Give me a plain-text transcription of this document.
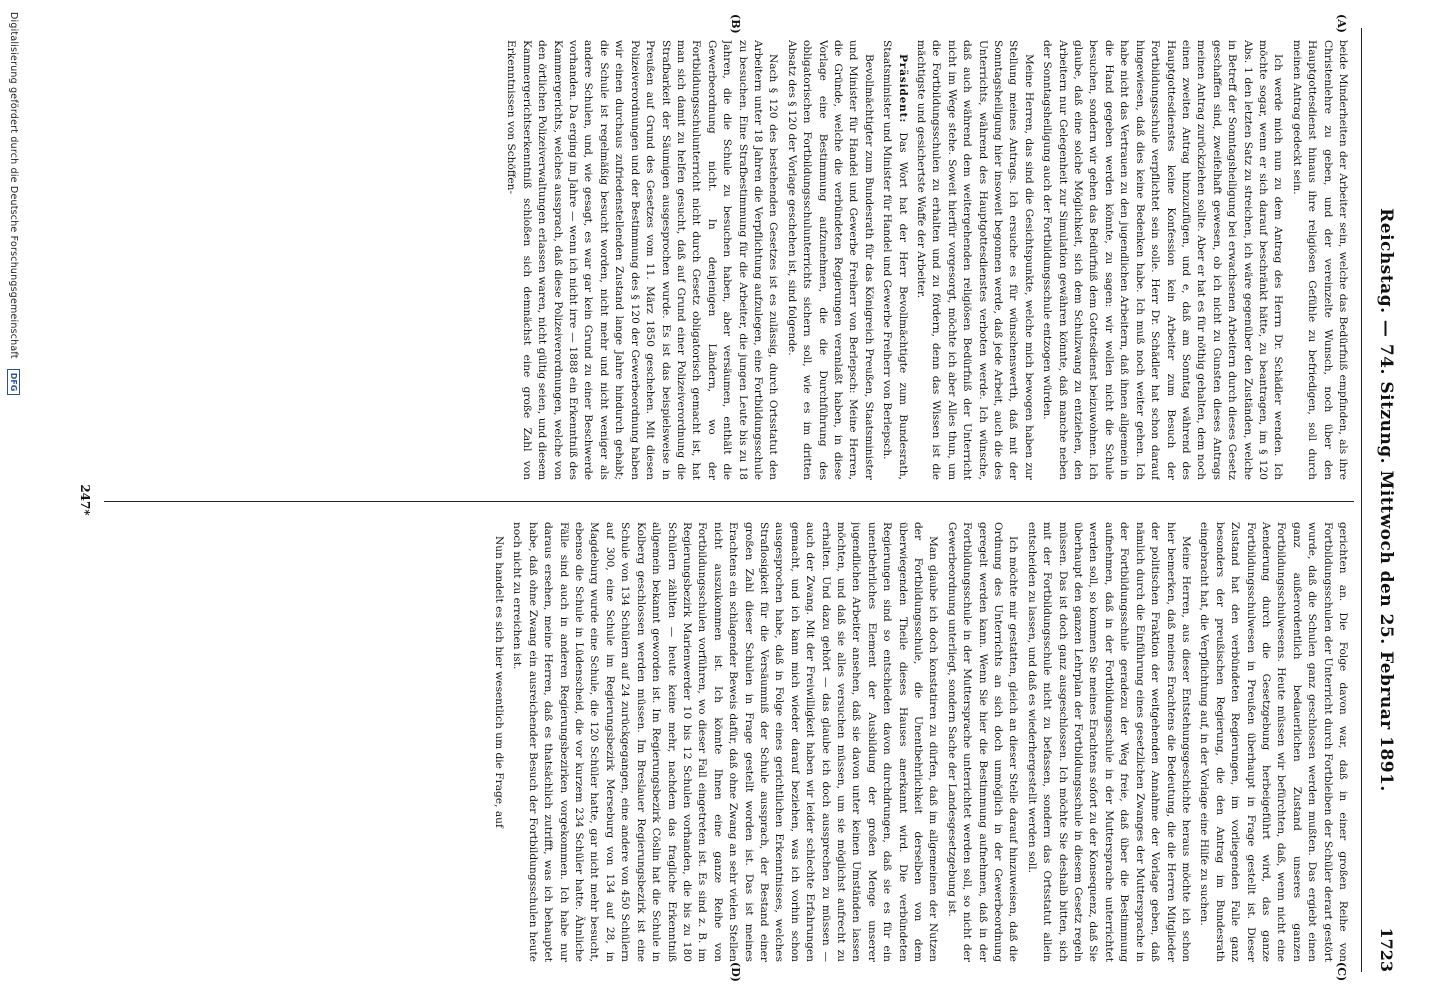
Reichstag. — 74. Sitzung. Mittwoch den 25. Februar 1891.
1723
(A)
(B)
(C)
(D)

beide Minderheiten der Arbeiter sein, welche das Bedürfniß empfinden, als ihre Christenlehre zu geben, und der vereinzelte Wunsch, noch über den Hauptgottesdienst hinaus ihre religiösen Gefühle zu befriedigen, soll durch meinen Antrag gedeckt sein.

Ich werde mich nun zu dem Antrag des Herrn Dr. Schädler wenden. Ich möchte sogar, wenn er sich darauf beschränkt hätte, zu beantragen, im § 120 Abs. 1 den letzten Satz zu streichen, ich wäre gegenüber den Zuständen, welche in Betreff der Sonntagsheiligung bei erwachsenen Arbeitern durch dieses Gesetz geschaffen sind, zweifelhaft gewesen, ob ich nicht zu Gunsten dieses Antrags meinen Antrag zurückziehen sollte. Aber er hat es für nöthig gehalten, dem noch einen zweiten Antrag hinzuzufügen, und e, daß am Sonntag während des Hauptgottesdienstes keine Konfession kein Arbeiter zum Besuch der Fortbildungsschule verpflichtet sein solle. Herr Dr. Schädler hat schon darauf hingewiesen, daß dies keine Bedenken habe. Ich muß noch weiter gehen. Ich habe nicht das Vertrauen zu den jugendlichen Arbeitern, daß ihnen allgemein in die Hand gegeben werden könnte, zu sagen: wir wollen nicht die Schule besuchen, sondern wir gehen das Bedürfniß dem Gottesdienst beizuwohnen. Ich glaube, daß eine solche Möglichkeit, sich dem Schulzwang zu entziehen, den Arbeitern nur Gelegenheit zur Simulation gewähren könnte, daß manche neben der Sonntagsheiligung auch der Fortbildungsschule entzogen würden.

Meine Herren, das sind die Gesichtspunkte, welche mich bewogen haben zur Stellung meines Antrags. Ich ersuche es für wünschenswerth, daß mit der Sonntagsheiligung hier insoweit begonnen werde, daß jede Arbeit, auch die des Unterrichts, während des Hauptgottesdienstes verboten werde. Ich wünsche, daß auch während dem weitergehenden religiösen Bedürfniß der Unterricht nicht im Wege stehe. Soweit hierfür vorgesorgt, möchte ich aber Alles thun, um die Fortbildungsschulen zu erhalten und zu fördern, denn das Wissen ist die mächtigste und gesichertste Waffe der Arbeiter.

Präsident: Das Wort hat der Herr Bevollmächtigte zum Bundesrath, Staatsminister und Minister für Handel und Gewerbe Freiherr von Berlepsch.

Bevollmächtigter zum Bundesrath für das Königreich Preußen, Staatsminister und Minister für Handel und Gewerbe Freiherr von Berlepsch: Meine Herren, die Gründe, welche die verbündeten Regierungen veranlaßt haben, in diese Vorlage eine Bestimmung aufzunehmen, die die Durchführung des obligatorischen Fortbildungsschulunterrichts sichern soll, wie es im dritten Absatz des § 120 der Vorlage geschehen ist, sind folgende.

Nach § 120 des bestehenden Gesetzes ist es zulässig, durch Ortsstatut den Arbeitern unter 18 Jahren die Verpflichtung aufzulegen, eine Fortbildungsschule zu besuchen. Eine Strafbestimmung für die Arbeiter, die jungen Leute bis zu 18 Jahren, die die Schule zu besuchen haben, aber versäumen, enthält die Gewerbeordnung nicht. In denjenigen Ländern, wo der Fortbildungsschulunterricht nicht durch Gesetz obligatorisch gemacht ist, hat man sich damit zu helfen gesucht, daß auf Grund einer Polizeiverordnung die Strafbarkeit der Säumigen ausgesprochen wurde. Es ist das beispielsweise in Preußen auf Grund des Gesetzes vom 11. März 1850 geschehen. Mit diesen Polizeiverordnungen und der Bestimmung des § 120 der Gewerbeordnung haben wir einen durchaus zufriedenstellenden Zustand lange Jahre hindurch gehabt; die Schule ist regelmäßig besucht worden, nicht mehr und nicht weniger als andere Schulen, und, wie gesagt, es war gar kein Grund zu einer Beschwerde vorhanden. Da erging im Jahre — wenn ich nicht irre — 1888 ein Erkenntniß des Kammergerichts, welches aussprach, daß diese Polizeiverordnungen, welche von den örtlichen Polizeiverwaltungen erlassen waren, nicht gültig seien, und diesem Kammergerichtserkenntniß schloßen sich demnächst eine große Zahl von Erkenntnissen von Schöffen-

gerichten an. Die Folge davon war, daß in einer großen Reihe von Fortbildungsschulen der Unterricht durch Fortbleiben der Schüler derart gestört wurde, daß die Schulen ganz geschlossen werden mußten. Das ergiebt einen ganz außerordentlich bedauerlichen Zustand unseres ganzen Fortbildungsschulwesens. Heute müssen wir befürchten, daß, wenn nicht eine Aenderung durch die Gesetzgebung herbeigeführt wird, das ganze Fortbildungsschulwesen in Preußen überhaupt in Frage gestellt ist. Dieser Zustand hat den verbündeten Regierungen, im vorliegenden Falle ganz besonders der preußischen Regierung, die den Antrag im Bundesrath eingebracht hat, die Verpflichtung auf, in der Vorlage eine Hilfe zu suchen.

Meine Herren, aus dieser Entstehungsgeschichte heraus möchte ich schon hier bemerken, daß meines Erachtens die Bedeutung, die die Herren Mitglieder der politischen Fraktion der weitgehenden Annahme der Vorlage geben, daß nämlich durch die Einführung eines gesetzlichen Zwanges der Muttersprache in der Fortbildungsschule geradezu der Weg freie, daß über die Bestimmung aufnehmen, daß in der Fortbildungsschule in der Muttersprache unterrichtet werden soll, so kommen Sie meines Erachtens sofort zu der Konsequenz, daß Sie überhaupt den ganzen Lehrplan der Fortbildungsschule in diesem Gesetz regeln müssen. Das ist doch ganz ausgeschlossen. Ich möchte Sie deshalb bitten, sich mit der Fortbildungsschule nicht zu befassen, sondern das Ortsstatut allein entscheiden zu lassen, und daß es wiederhergestellt werden soll.

Ich möchte mir gestatten, gleich an dieser Stelle darauf hinzuweisen, daß die Ordnung des Unterrichts an sich doch unmöglich in der Gewerbeordnung geregelt werden kann. Wenn Sie hier die Bestimmung aufnehmen, daß in der Fortbildungsschule in der Muttersprache unterrichtet werden soll, so nicht der Gewerbeordnung unterliegt, sondern Sache der Landesgesetzgebung ist.

Man glaube ich doch konstatiren zu dürfen, daß im allgemeinen der Nutzen der Fortbildungsschule, die Unentbehrlichkeit derselben von dem überwiegenden Theile dieses Hauses anerkannt wird. Die verbündeten Regierungen sind so entschieden davon durchdrungen, daß sie es für ein unentbehrliches Element der Ausbildung der großen Menge unserer jugendlichen Arbeiter ansehen, daß sie davon unter keinen Umständen lassen möchten, und daß sie alles versuchen müssen, um sie möglichst aufrecht zu erhalten. Und dazu gehört — das glaube ich doch aussprechen zu müssen — auch der Zwang. Mit der Freiwilligkeit haben wir leider schlechte Erfahrungen gemacht, und ich kann mich wieder darauf beziehen, was ich vorhin schon ausgesprochen habe, daß in Folge eines gerichtlichen Erkenntnisses, welches Straflosigkeit für die Versäumniß der Schule aussprach, der Bestand einer großen Zahl dieser Schulen in Frage gestellt worden ist. Das ist meines Erachtens ein schlagender Beweis dafür, daß ohne Zwang an sehr vielen Stellen nicht auszukommen ist. Ich könnte Ihnen eine ganze Reihe von Fortbildungsschulen vorführen, wo dieser Fall eingetreten ist. Es sind z. B. im Regierungsbezirk Marienwerder 10 bis 12 Schulen vorhanden, die bis zu 180 Schülern zählten — heute keine mehr, nachdem das fragliche Erkenntniß allgemein bekannt geworden ist. Im Regierungsbezirk Cöslin hat die Schule in Kolberg geschlossen werden müssen. Im Breslauer Regierungsbezirk ist eine Schule von 134 Schülern auf 24 zurückgegangen, eine andere von 450 Schülern auf 300, eine Schule im Regierungsbezirk Merseburg von 134 auf 28, in Magdeburg wurde eine Schule, die 120 Schüler hatte, gar nicht mehr besucht, ebenso die Schule in Lüdenscheid, die vor kurzem 234 Schüler hatte. Ähnliche Fälle sind auch in anderen Regierungsbezirken vorgekommen. Ich habe nur daraus ersehen, meine Herren, daß es thatsächlich zutrifft, was ich behauptet habe, daß ohne Zwang ein ausreichender Besuch der Fortbildungsschulen heute noch nicht zu erreichen ist.

Nun handelt es sich hier wesentlich um die Frage, auf

247*
Digitalisierung gefördert durch die Deutsche Forschungsgemeinschaft
DFG
